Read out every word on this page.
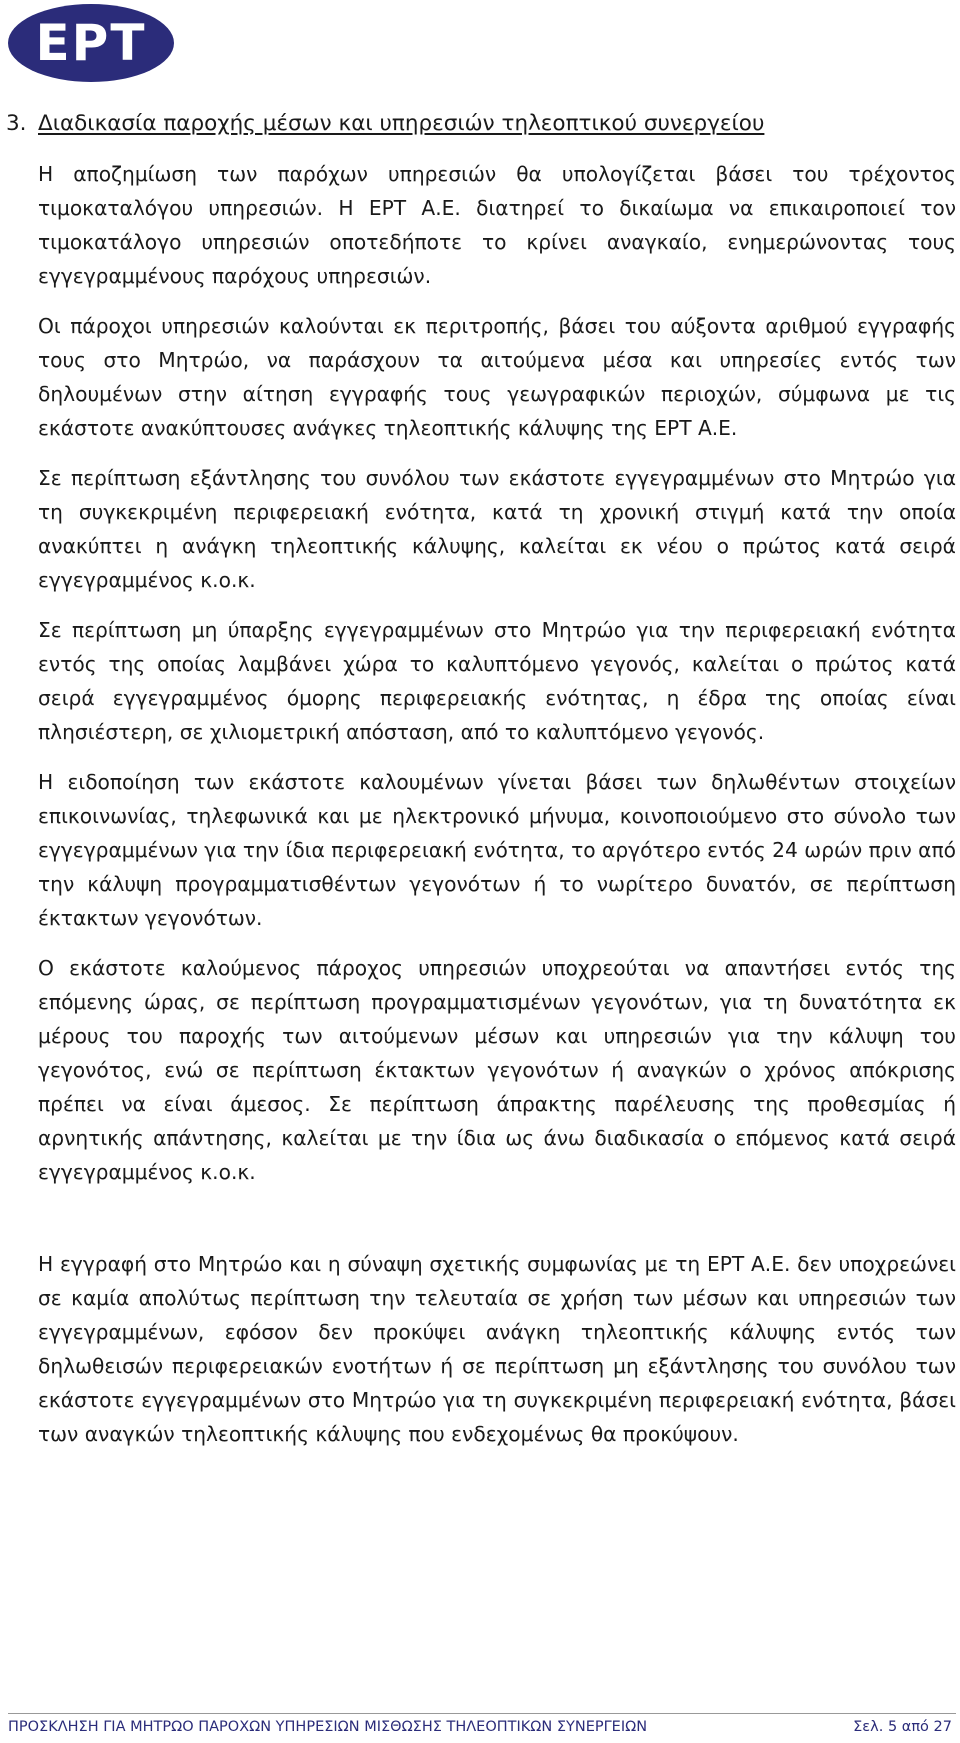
EPT
3. Διαδικασία παροχής μέσων και υπηρεσιών τηλεοπτικού συνεργείου

Η αποζημίωση των παρόχων υπηρεσιών θα υπολογίζεται βάσει του τρέχοντος τιμοκαταλόγου υπηρεσιών. Η ΕΡΤ Α.Ε. διατηρεί το δικαίωμα να επικαιροποιεί τον τιμοκατάλογο υπηρεσιών οποτεδήποτε το κρίνει αναγκαίο, ενημερώνοντας τους εγγεγραμμένους παρόχους υπηρεσιών.

Οι πάροχοι υπηρεσιών καλούνται εκ περιτροπής, βάσει του αύξοντα αριθμού εγγραφής τους στο Μητρώο, να παράσχουν τα αιτούμενα μέσα και υπηρεσίες εντός των δηλουμένων στην αίτηση εγγραφής τους γεωγραφικών περιοχών, σύμφωνα με τις εκάστοτε ανακύπτουσες ανάγκες τηλεοπτικής κάλυψης της ΕΡΤ Α.Ε.

Σε περίπτωση εξάντλησης του συνόλου των εκάστοτε εγγεγραμμένων στο Μητρώο για τη συγκεκριμένη περιφερειακή ενότητα, κατά τη χρονική στιγμή κατά την οποία ανακύπτει η ανάγκη τηλεοπτικής κάλυψης, καλείται εκ νέου ο πρώτος κατά σειρά εγγεγραμμένος κ.ο.κ.

Σε περίπτωση μη ύπαρξης εγγεγραμμένων στο Μητρώο για την περιφερειακή ενότητα εντός της οποίας λαμβάνει χώρα το καλυπτόμενο γεγονός, καλείται ο πρώτος κατά σειρά εγγεγραμμένος όμορης περιφερειακής ενότητας, η έδρα της οποίας είναι πλησιέστερη, σε χιλιομετρική απόσταση, από το καλυπτόμενο γεγονός.

Η ειδοποίηση των εκάστοτε καλουμένων γίνεται βάσει των δηλωθέντων στοιχείων επικοινωνίας, τηλεφωνικά και με ηλεκτρονικό μήνυμα, κοινοποιούμενο στο σύνολο των εγγεγραμμένων για την ίδια περιφερειακή ενότητα, το αργότερο εντός 24 ωρών πριν από την κάλυψη προγραμματισθέντων γεγονότων ή το νωρίτερο δυνατόν, σε περίπτωση έκτακτων γεγονότων.

Ο εκάστοτε καλούμενος πάροχος υπηρεσιών υποχρεούται να απαντήσει εντός της επόμενης ώρας, σε περίπτωση προγραμματισμένων γεγονότων, για τη δυνατότητα εκ μέρους του παροχής των αιτούμενων μέσων και υπηρεσιών για την κάλυψη του γεγονότος, ενώ σε περίπτωση έκτακτων γεγονότων ή αναγκών ο χρόνος απόκρισης πρέπει να είναι άμεσος. Σε περίπτωση άπρακτης παρέλευσης της προθεσμίας ή αρνητικής απάντησης, καλείται με την ίδια ως άνω διαδικασία ο επόμενος κατά σειρά εγγεγραμμένος κ.ο.κ.

Η εγγραφή στο Μητρώο και η σύναψη σχετικής συμφωνίας με τη ΕΡΤ Α.Ε. δεν υποχρεώνει σε καμία απολύτως περίπτωση την τελευταία σε χρήση των μέσων και υπηρεσιών των εγγεγραμμένων, εφόσον δεν προκύψει ανάγκη τηλεοπτικής κάλυψης εντός των δηλωθεισών περιφερειακών ενοτήτων ή σε περίπτωση μη εξάντλησης του συνόλου των εκάστοτε εγγεγραμμένων στο Μητρώο για τη συγκεκριμένη περιφερειακή ενότητα, βάσει των αναγκών τηλεοπτικής κάλυψης που ενδεχομένως θα προκύψουν.

ΠΡΟΣΚΛΗΣΗ ΓΙΑ ΜΗΤΡΩΟ ΠΑΡΟΧΩΝ ΥΠΗΡΕΣΙΩΝ ΜΙΣΘΩΣΗΣ ΤΗΛΕΟΠΤΙΚΩΝ ΣΥΝΕΡΓΕΙΩΝ	Σελ. 5 από 27
